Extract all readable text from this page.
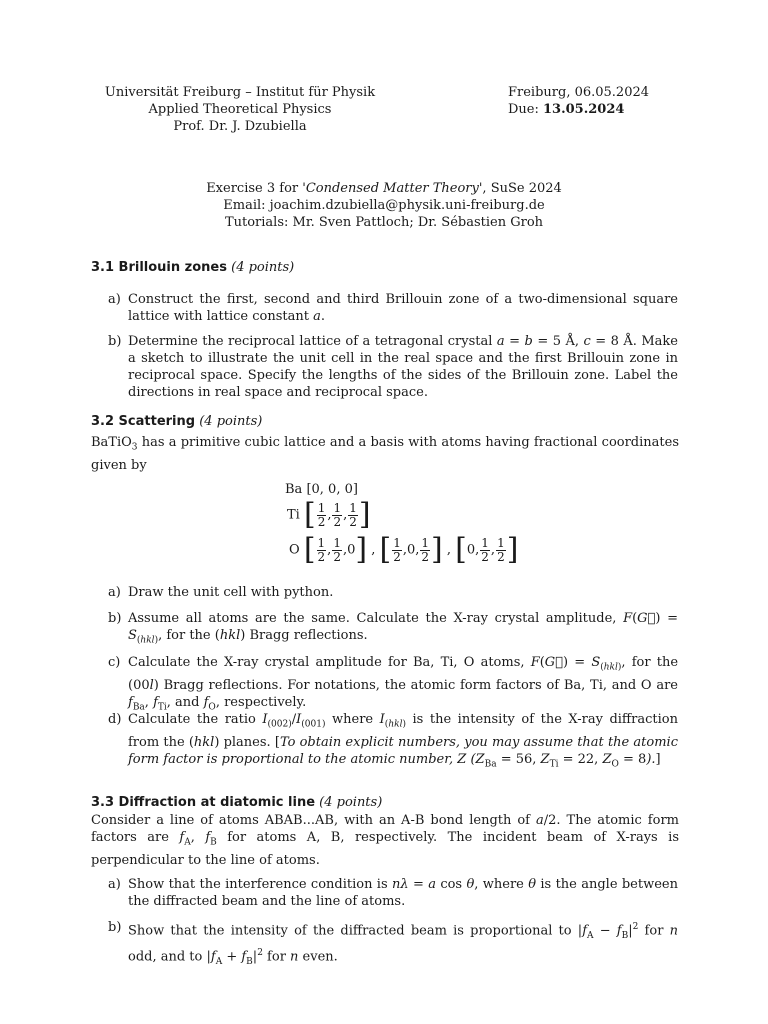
Universität Freiburg – Institut für Physik
Applied Theoretical Physics
Prof. Dr. J. Dzubiella
Freiburg, 06.05.2024
Due: 13.05.2024
Exercise 3 for 'Condensed Matter Theory', SuSe 2024
Email: joachim.dzubiella@physik.uni-freiburg.de
Tutorials: Mr. Sven Pattloch; Dr. Sébastien Groh
3.1 Brillouin zones (4 points)
a) Construct the first, second and third Brillouin zone of a two-dimensional square lattice with lattice constant a.
b) Determine the reciprocal lattice of a tetragonal crystal a = b = 5 Å, c = 8 Å. Make a sketch to illustrate the unit cell in the real space and the first Brillouin zone in reciprocal space. Specify the lengths of the sides of the Brillouin zone. Label the directions in real space and reciprocal space.
3.2 Scattering (4 points)
BaTiO$_3$ has a primitive cubic lattice and a basis with atoms having fractional coordinates given by
Ba [0, 0, 0]
Ti [ $\frac{1}{2}$ , $\frac{1}{2}$ , $\frac{1}{2}$ ]
O [ $\frac{1}{2}$ , $\frac{1}{2} ,0$] , [ $\frac{1}{2} ,0$, $\frac{1}{2}$ ] , [0, $\frac{1}{2}$ , $\frac{1}{2}$ ]
a) Draw the unit cell with python.
b) Assume all atoms are the same. Calculate the X-ray crystal amplitude, F(G⃗) = $S_{(hkl)}$, for the (hkl) Bragg reflections.
c) Calculate the X-ray crystal amplitude for Ba, Ti, O atoms, F(G⃗) = $S_{(hkl)}$, for the (00l) Bragg reflections. For notations, the atomic form factors of Ba, Ti, and O are $f_{Ba}$, $f_{Ti}$, and $f_O$, respectively.
d) Calculate the ratio $I_{(002)}/I_{(001)}$ where $I_{(hkl)}$ is the intensity of the X-ray diffraction from the (hkl) planes. [To obtain explicit numbers, you may assume that the atomic form factor is proportional to the atomic number, Z ($Z_{Ba} = 56$, $Z_{Ti} = 22$, $Z_O = 8$).]
3.3 Diffraction at diatomic line (4 points)
Consider a line of atoms ABAB...AB, with an A-B bond length of a/2. The atomic form factors are $f_A$, $f_B$ for atoms A, B, respectively. The incident beam of X-rays is perpendicular to the line of atoms.
a) Show that the interference condition is nλ = a cos θ, where θ is the angle between the diffracted beam and the line of atoms.
b) Show that the intensity of the diffracted beam is proportional to $|f_A - f_B|^2$ for n odd, and to $|f_A + f_B|^2$ for n even.
